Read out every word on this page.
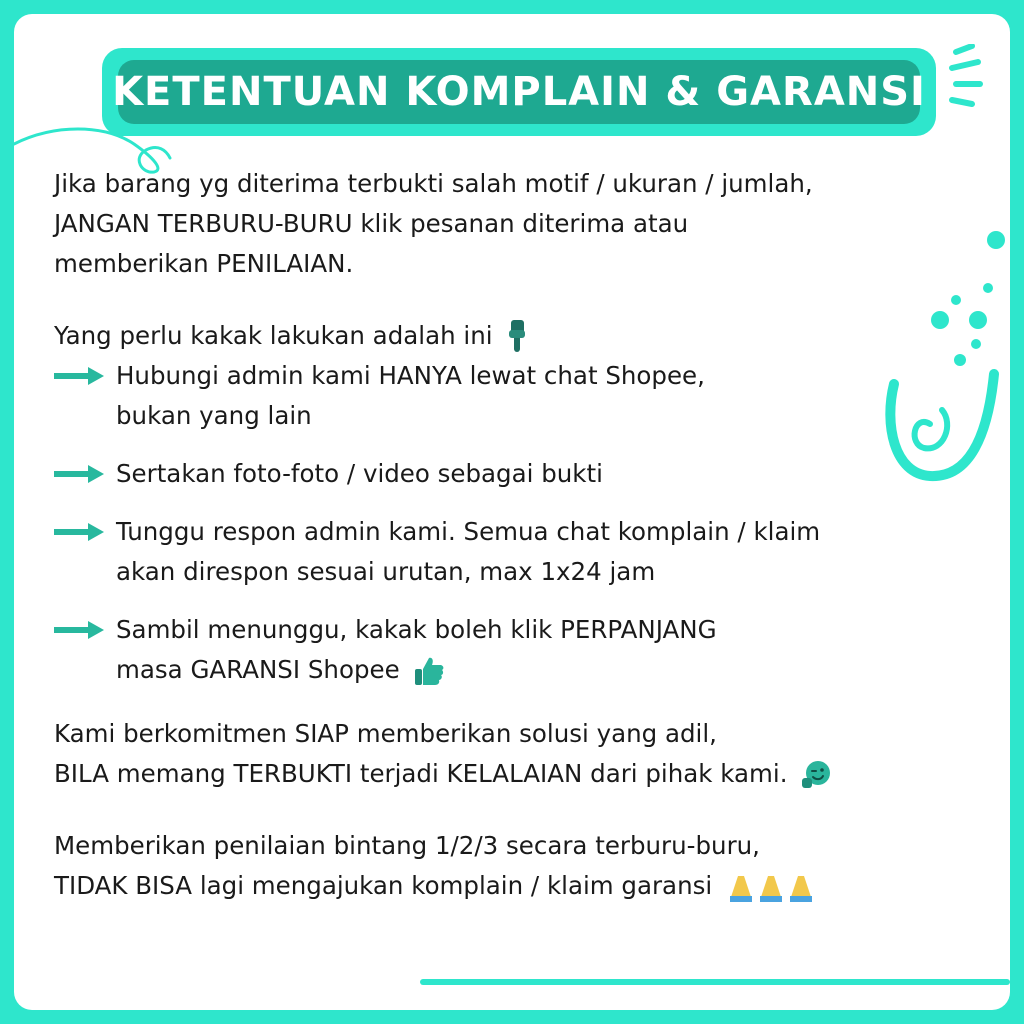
KETENTUAN KOMPLAIN & GARANSI

Jika barang yg diterima terbukti salah motif / ukuran / jumlah,

JANGAN TERBURU-BURU klik pesanan diterima atau

memberikan PENILAIAN.

Yang perlu kakak lakukan adalah ini

Hubungi admin kami HANYA lewat chat Shopee,
bukan yang lain
Sertakan foto-foto / video sebagai bukti
Tunggu respon admin kami. Semua chat komplain / klaim
akan direspon sesuai urutan, max 1x24 jam
Sambil menunggu, kakak boleh klik PERPANJANG
masa GARANSI Shopee

Kami berkomitmen SIAP memberikan solusi yang adil,

BILA memang TERBUKTI terjadi KELALAIAN dari pihak kami.

Memberikan penilaian bintang 1/2/3 secara terburu-buru,

TIDAK BISA lagi mengajukan komplain / klaim garansi
